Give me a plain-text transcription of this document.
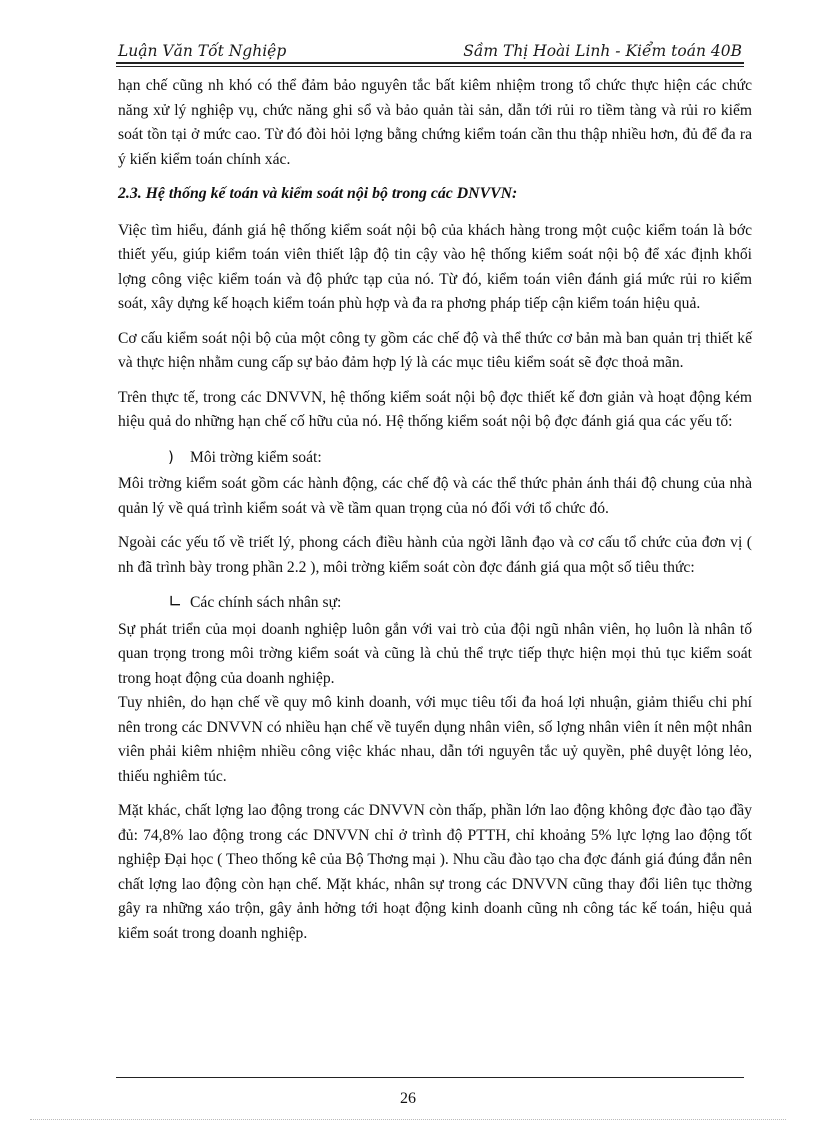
Luận Văn Tốt Nghiệp	Sầm Thị Hoài Linh - Kiểm toán 40B

hạn chế cũng nh khó có thể đảm bảo nguyên tắc bất kiêm nhiệm trong tổ chức thực hiện các chức năng xử lý nghiệp vụ, chức năng ghi sổ và bảo quản tài sản, dẫn tới rủi ro tiềm tàng và rủi ro kiểm soát tồn tại ở mức cao. Từ đó đòi hỏi lợng bằng chứng kiểm toán cần thu thập nhiều hơn, đủ để đa ra ý kiến kiểm toán chính xác.

2.3. Hệ thống kế toán và kiểm soát nội bộ trong các DNVVN:

Việc tìm hiểu, đánh giá hệ thống kiểm soát nội bộ của khách hàng trong một cuộc kiểm toán là bớc thiết yếu, giúp kiểm toán viên thiết lập độ tin cậy vào hệ thống kiểm soát nội bộ để xác định khối lợng công việc kiểm toán và độ phức tạp của nó. Từ đó, kiểm toán viên đánh giá mức rủi ro kiểm soát, xây dựng kế hoạch kiểm toán phù hợp và đa ra phơng pháp tiếp cận kiểm toán hiệu quả.

Cơ cấu kiểm soát nội bộ của một công ty gồm các chế độ và thể thức cơ bản mà ban quản trị thiết kế và thực hiện nhằm cung cấp sự bảo đảm hợp lý là các mục tiêu kiểm soát sẽ đợc thoả mãn.

Trên thực tế, trong các DNVVN, hệ thống kiểm soát nội bộ đợc thiết kế đơn giản và hoạt động kém hiệu quả do những hạn chế cố hữu của nó. Hệ thống kiểm soát nội bộ đợc đánh giá qua các yếu tố:

)	Môi trờng kiểm soát:

Môi trờng kiểm soát gồm các hành động, các chế độ và các thể thức phản ánh thái độ chung của nhà quản lý về quá trình kiểm soát và về tầm quan trọng của nó đối với tổ chức đó.

Ngoài các yếu tố về triết lý, phong cách điều hành của ngời lãnh đạo và cơ cấu tổ chức của đơn vị ( nh đã trình bày trong phần 2.2 ), môi trờng kiểm soát còn đợc đánh giá qua một số tiêu thức:

∟ Các chính sách nhân sự:

Sự phát triển của mọi doanh nghiệp luôn gắn với vai trò của đội ngũ nhân viên, họ luôn là nhân tố quan trọng trong môi trờng kiểm soát và cũng là chủ thể trực tiếp thực hiện mọi thủ tục kiểm soát trong hoạt động của doanh nghiệp.

Tuy nhiên, do hạn chế về quy mô kinh doanh, với mục tiêu tối đa hoá lợi nhuận, giảm thiểu chi phí nên trong các DNVVN có nhiều hạn chế về tuyển dụng nhân viên, số lợng nhân viên ít nên một nhân viên phải kiêm nhiệm nhiều công việc khác nhau, dẫn tới nguyên tắc uỷ quyền, phê duyệt lỏng lẻo, thiếu nghiêm túc.

Mặt khác, chất lợng lao động trong các DNVVN còn thấp, phần lớn lao động không đợc đào tạo đầy đủ: 74,8% lao động trong các DNVVN chỉ ở trình độ PTTH, chỉ khoảng 5% lực lợng lao động tốt nghiệp Đại học ( Theo thống kê của Bộ Thơng mại ). Nhu cầu đào tạo cha đợc đánh giá đúng đắn nên chất lợng lao động còn hạn chế. Mặt khác, nhân sự trong các DNVVN cũng thay đổi liên tục thờng gây ra những xáo trộn, gây ảnh hởng tới hoạt động kinh doanh cũng nh công tác kế toán, hiệu quả kiểm soát trong doanh nghiệp.

26
